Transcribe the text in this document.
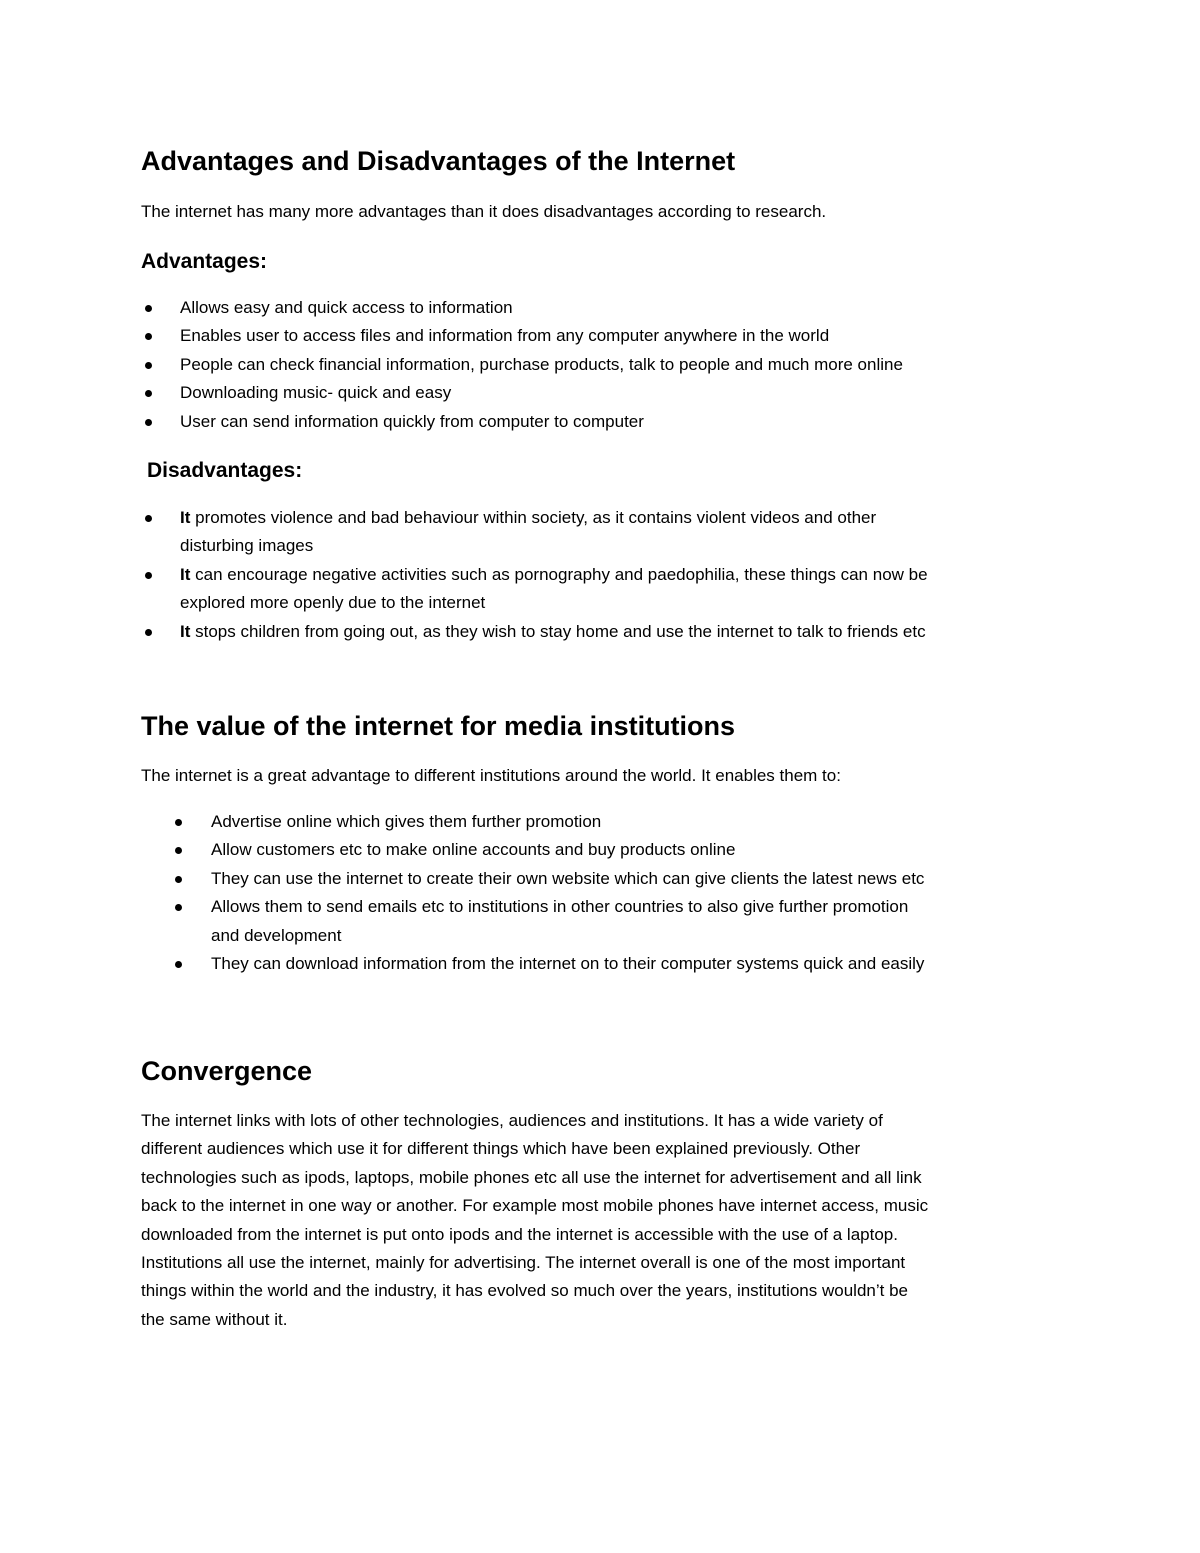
Advantages and Disadvantages of the Internet
The internet has many more advantages than it does disadvantages according to research.
Advantages:
Allows easy and quick access to information
Enables user to access files and information from any computer anywhere in the world
People can check financial information, purchase products, talk to people and much more online
Downloading music- quick and easy
User can send information quickly from computer to computer
Disadvantages:
It promotes violence and bad behaviour within society, as it contains violent videos and other
disturbing images
It can encourage negative activities such as pornography and paedophilia, these things can now be
explored more openly due to the internet
It stops children from going out, as they wish to stay home and use the internet to talk to friends etc
The value of the internet for media institutions
The internet is a great advantage to different institutions around the world. It enables them to:
Advertise online which gives them further promotion
Allow customers etc to make online accounts and buy products online
They can use the internet to create their own website which can give clients the latest news etc
Allows them to send emails etc to institutions in other countries to also give further promotion
and development
They can download information from the internet on to their computer systems quick and easily
Convergence
The internet links with lots of other technologies, audiences and institutions. It has a wide variety of
different audiences which use it for different things which have been explained previously. Other
technologies such as ipods, laptops, mobile phones etc all use the internet for advertisement and all link
back to the internet in one way or another. For example most mobile phones have internet access, music
downloaded from the internet is put onto ipods and the internet is accessible with the use of a laptop.
Institutions all use the internet, mainly for advertising. The internet overall is one of the most important
things within the world and the industry, it has evolved so much over the years, institutions wouldn’t be
the same without it.
